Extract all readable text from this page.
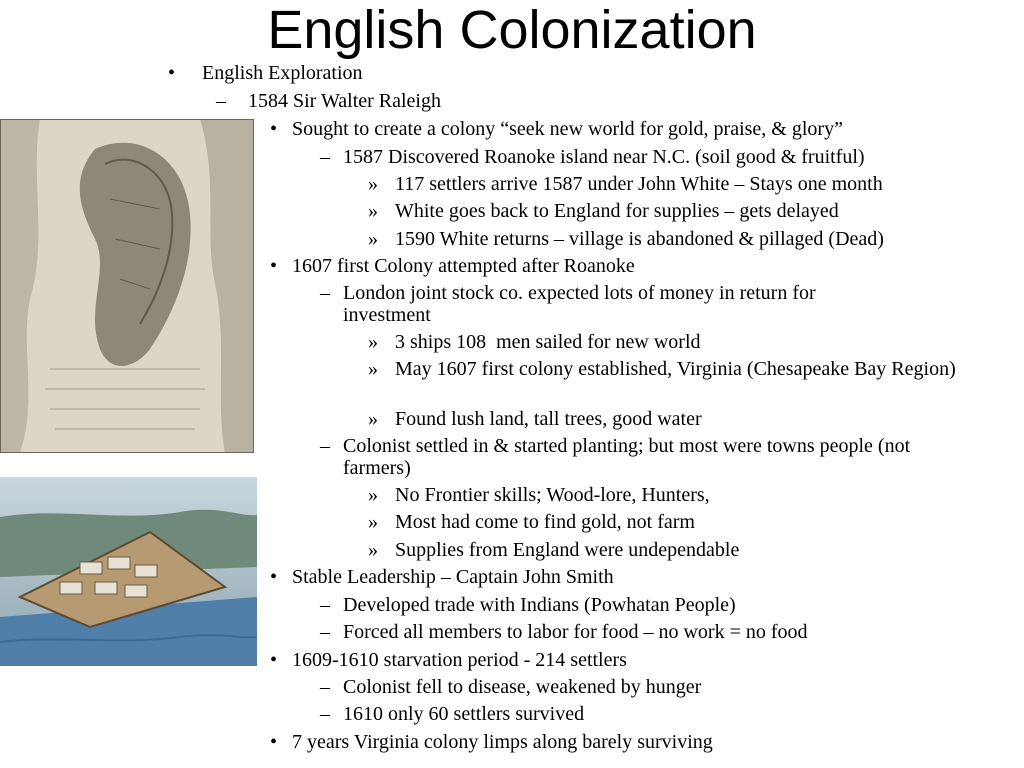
English Colonization
• English Exploration
– 1584 Sir Walter Raleigh
• Sought to create a colony “seek new world for gold, praise, & glory”
– 1587 Discovered Roanoke island near N.C. (soil good & fruitful)
» 117 settlers arrive 1587 under John White – Stays one month
» White goes back to England for supplies – gets delayed
» 1590 White returns – village is abandoned & pillaged (Dead)
• 1607 first Colony attempted after Roanoke
– London joint stock co. expected lots of money in return for investment
» 3 ships 108  men sailed for new world
» May 1607 first colony established, Virginia (Chesapeake Bay Region)
» Found lush land, tall trees, good water
– Colonist settled in & started planting; but most were towns people (not farmers)
» No Frontier skills; Wood-lore, Hunters,
» Most had come to find gold, not farm
» Supplies from England were undependable
• Stable Leadership – Captain John Smith
– Developed trade with Indians (Powhatan People)
– Forced all members to labor for food – no work = no food
• 1609-1610 starvation period - 214 settlers
– Colonist fell to disease, weakened by hunger
– 1610 only 60 settlers survived
• 7 years Virginia colony limps along barely surviving
